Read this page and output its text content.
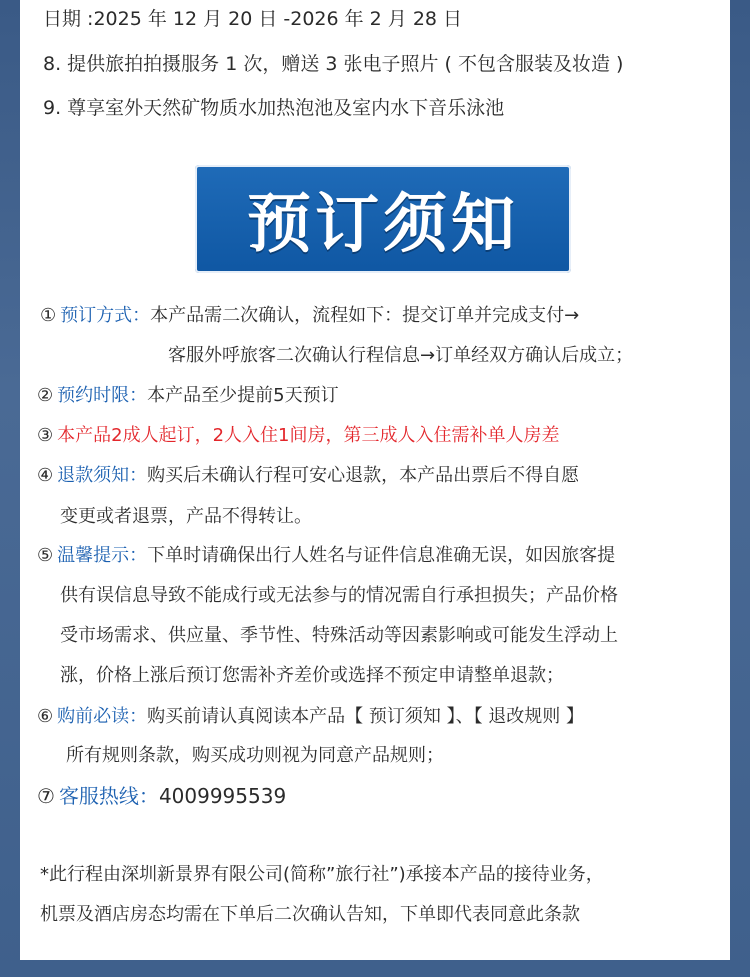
日期 :2025 年 12 月 20 日 -2026 年 2 月 28 日
8. 提供旅拍拍摄服务 1 次，赠送 3 张电子照片 ( 不包含服装及妆造 )
9. 尊享室外天然矿物质水加热泡池及室内水下音乐泳池
预订须知
① 预订方式：本产品需二次确认，流程如下：提交订单并完成支付→
客服外呼旅客二次确认行程信息→订单经双方确认后成立；
② 预约时限：本产品至少提前5天预订
③ 本产品2成人起订，2人入住1间房，第三成人入住需补单人房差
④ 退款须知：购买后未确认行程可安心退款，本产品出票后不得自愿
变更或者退票，产品不得转让。
⑤ 温馨提示：下单时请确保出行人姓名与证件信息准确无误，如因旅客提
供有误信息导致不能成行或无法参与的情况需自行承担损失；产品价格
受市场需求、供应量、季节性、特殊活动等因素影响或可能发生浮动上
涨，价格上涨后预订您需补齐差价或选择不预定申请整单退款；
⑥ 购前必读：购买前请认真阅读本产品【 预订须知 】、【 退改规则 】
所有规则条款，购买成功则视为同意产品规则；
⑦ 客服热线：4009995539
*此行程由深圳新景界有限公司(简称”旅行社”)承接本产品的接待业务，
机票及酒店房态均需在下单后二次确认告知，下单即代表同意此条款
